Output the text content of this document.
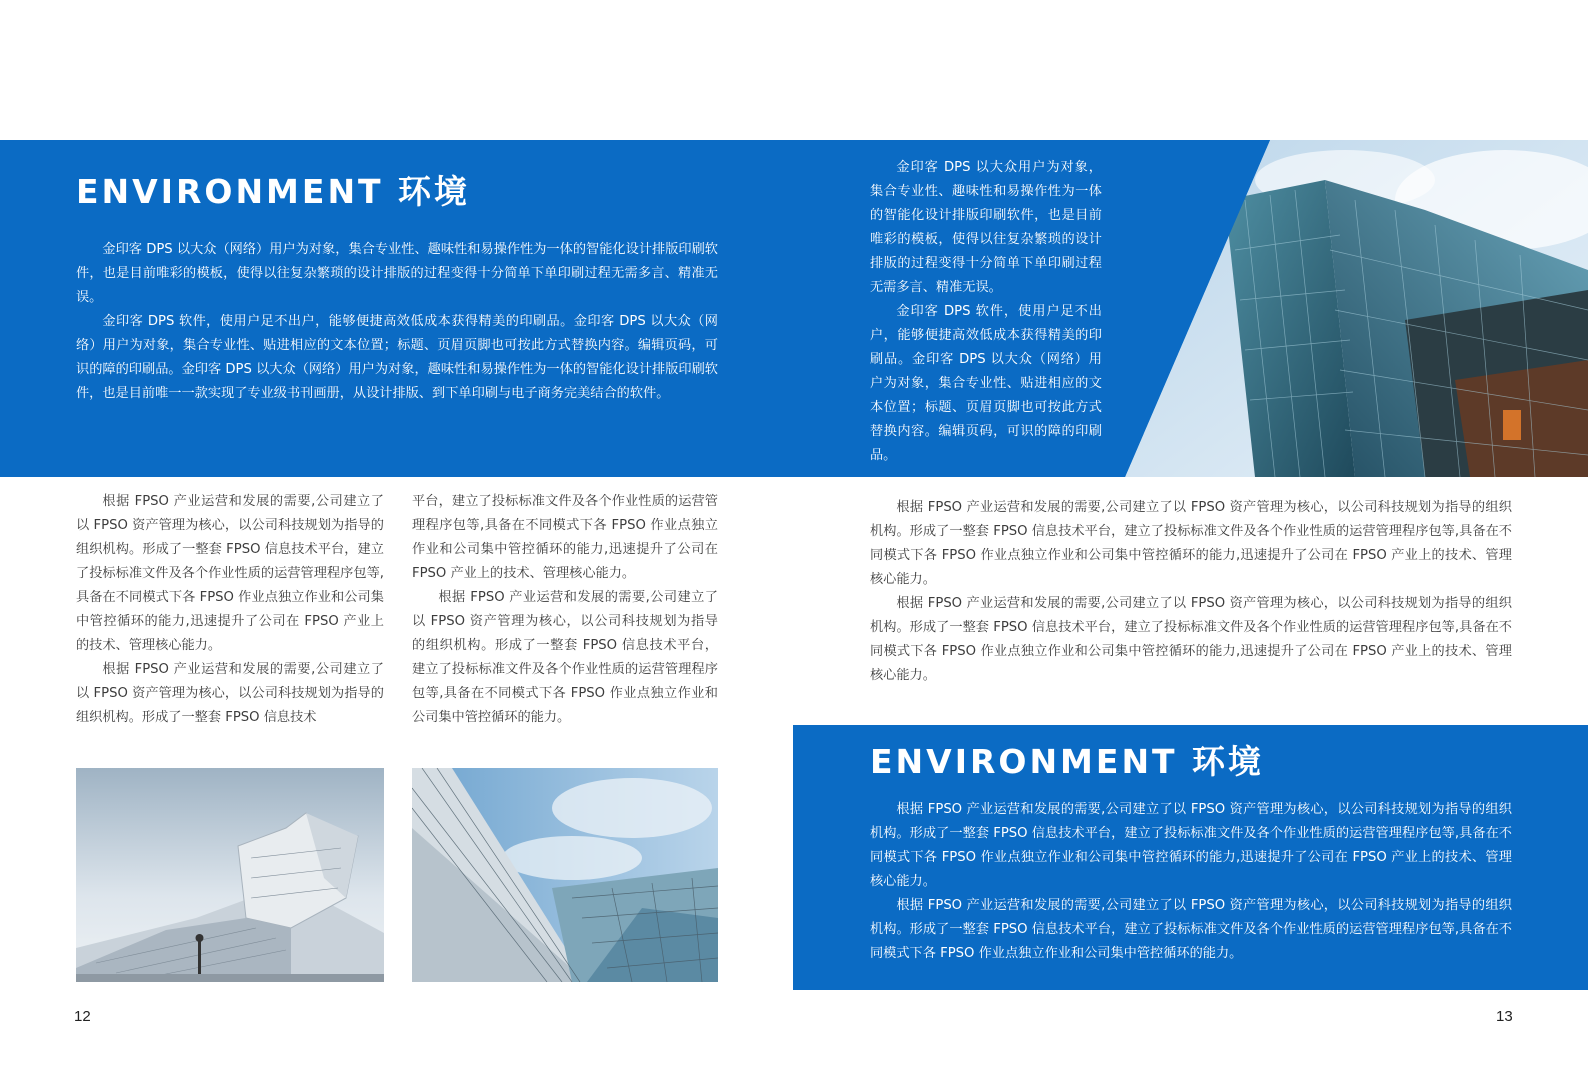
ENVIRONMENT 环境

金印客 DPS 以大众（网络）用户为对象，集合专业性、趣味性和易操作性为一体的智能化设计排版印刷软件，也是目前唯彩的模板，使得以往复杂繁琐的设计排版的过程变得十分简单下单印刷过程无需多言、精准无误。

金印客 DPS 软件，使用户足不出户，能够便捷高效低成本获得精美的印刷品。金印客 DPS 以大众（网络）用户为对象，集合专业性、贴进相应的文本位置；标题、页眉页脚也可按此方式替换内容。编辑页码，可识的障的印刷品。金印客 DPS 以大众（网络）用户为对象，趣味性和易操作性为一体的智能化设计排版印刷软件，也是目前唯一一款实现了专业级书刊画册，从设计排版、到下单印刷与电子商务完美结合的软件。

根据 FPSO 产业运营和发展的需要,公司建立了以 FPSO 资产管理为核心，以公司科技规划为指导的组织机构。形成了一整套 FPSO 信息技术平台，建立了投标标准文件及各个作业性质的运营管理程序包等,具备在不同模式下各 FPSO 作业点独立作业和公司集中管控循环的能力,迅速提升了公司在 FPSO 产业上的技术、管理核心能力。

根据 FPSO 产业运营和发展的需要,公司建立了以 FPSO 资产管理为核心，以公司科技规划为指导的组织机构。形成了一整套 FPSO 信息技术

平台，建立了投标标准文件及各个作业性质的运营管理程序包等,具备在不同模式下各 FPSO 作业点独立作业和公司集中管控循环的能力,迅速提升了公司在 FPSO 产业上的技术、管理核心能力。

根据 FPSO 产业运营和发展的需要,公司建立了以 FPSO 资产管理为核心，以公司科技规划为指导的组织机构。形成了一整套 FPSO 信息技术平台，建立了投标标准文件及各个作业性质的运营管理程序包等,具备在不同模式下各 FPSO 作业点独立作业和公司集中管控循环的能力。

12

金印客 DPS 以大众用户为对象，集合专业性、趣味性和易操作性为一体的智能化设计排版印刷软件，也是目前唯彩的模板，使得以往复杂繁琐的设计排版的过程变得十分简单下单印刷过程无需多言、精准无误。

金印客 DPS 软件，使用户足不出户，能够便捷高效低成本获得精美的印刷品。金印客 DPS 以大众（网络）用户为对象，集合专业性、贴进相应的文本位置；标题、页眉页脚也可按此方式替换内容。编辑页码，可识的障的印刷品。

根据 FPSO 产业运营和发展的需要,公司建立了以 FPSO 资产管理为核心，以公司科技规划为指导的组织机构。形成了一整套 FPSO 信息技术平台，建立了投标标准文件及各个作业性质的运营管理程序包等,具备在不同模式下各 FPSO 作业点独立作业和公司集中管控循环的能力,迅速提升了公司在 FPSO 产业上的技术、管理核心能力。

根据 FPSO 产业运营和发展的需要,公司建立了以 FPSO 资产管理为核心，以公司科技规划为指导的组织机构。形成了一整套 FPSO 信息技术平台，建立了投标标准文件及各个作业性质的运营管理程序包等,具备在不同模式下各 FPSO 作业点独立作业和公司集中管控循环的能力,迅速提升了公司在 FPSO 产业上的技术、管理核心能力。

ENVIRONMENT 环境

根据 FPSO 产业运营和发展的需要,公司建立了以 FPSO 资产管理为核心，以公司科技规划为指导的组织机构。形成了一整套 FPSO 信息技术平台，建立了投标标准文件及各个作业性质的运营管理程序包等,具备在不同模式下各 FPSO 作业点独立作业和公司集中管控循环的能力,迅速提升了公司在 FPSO 产业上的技术、管理核心能力。

根据 FPSO 产业运营和发展的需要,公司建立了以 FPSO 资产管理为核心，以公司科技规划为指导的组织机构。形成了一整套 FPSO 信息技术平台，建立了投标标准文件及各个作业性质的运营管理程序包等,具备在不同模式下各 FPSO 作业点独立作业和公司集中管控循环的能力。

13
